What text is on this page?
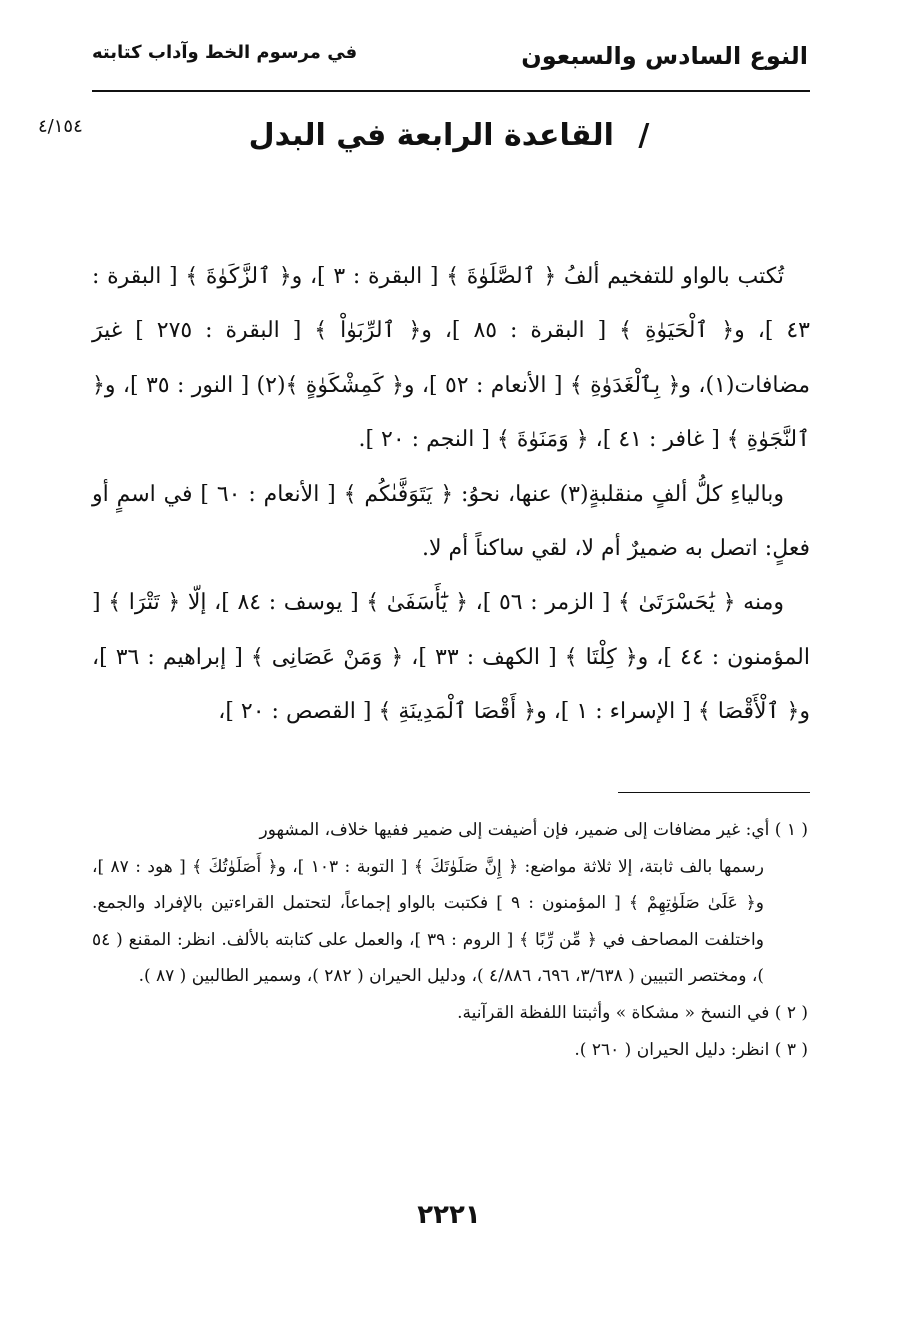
النوع السادس والسبعون
في مرسوم الخط وآداب كتابته
٤/١٥٤	/ القاعدة الرابعة في البدل

تُكتب بالواو للتفخيم ألفُ ﴿ ٱلصَّلَوٰةَ ﴾ [ البقرة : ٣ ]، و﴿ ٱلزَّكَوٰةَ ﴾ [ البقرة : ٤٣ ]، و﴿ ٱلْحَيَوٰةِ ﴾ [ البقرة : ٨٥ ]، و﴿ ٱلرِّبَوٰاْ ﴾ [ البقرة : ٢٧٥ ] غيرَ مضافات(١)، و﴿ بِٱلْغَدَوٰةِ ﴾ [ الأنعام : ٥٢ ]، و﴿ كَمِشْكَوٰةٍ ﴾(٢) [ النور : ٣٥ ]، و﴿ ٱلنَّجَوٰةِ ﴾ [ غافر : ٤١ ]، ﴿ وَمَنَوٰةَ ﴾ [ النجم : ٢٠ ].

وبالياءِ كلُّ ألفٍ منقلبةٍ(٣) عنها، نحوُ: ﴿ يَتَوَفَّىٰكُم ﴾ [ الأنعام : ٦٠ ] في اسمٍ أو فعلٍ: اتصل به ضميرٌ أم لا، لقي ساكناً أم لا.

ومنه ﴿ يَٰحَسْرَتَىٰ ﴾ [ الزمر : ٥٦ ]، ﴿ يَٰٓأَسَفَىٰ ﴾ [ يوسف : ٨٤ ]، إلّا ﴿ تَتْرَا ﴾ [ المؤمنون : ٤٤ ]، و﴿ كِلْتَا ﴾ [ الكهف : ٣٣ ]، ﴿ وَمَنْ عَصَانِى ﴾ [ إبراهيم : ٣٦ ]، و﴿ ٱلْأَقْصَا ﴾ [ الإسراء : ١ ]، و﴿ أَقْصَا ٱلْمَدِينَةِ ﴾ [ القصص : ٢٠ ]،

( ١ ) أي: غير مضافات إلى ضمير، فإن أضيفت إلى ضمير ففيها خلاف، المشهور

رسمها بالف ثابتة، إلا ثلاثة مواضع: ﴿ إِنَّ صَلَوٰتَكَ ﴾ [ التوبة : ١٠٣ ]، و﴿ أَصَلَوٰتُكَ ﴾ [ هود : ٨٧ ]، و﴿ عَلَىٰ صَلَوٰتِهِمْ ﴾ [ المؤمنون : ٩ ] فكتبت بالواو إجماعاً، لتحتمل القراءتين بالإفراد والجمع. واختلفت المصاحف في ﴿ مِّن رِّبًا ﴾ [ الروم : ٣٩ ]، والعمل على كتابته بالألف. انظر: المقنع ( ٥٤ )، ومختصر التبيين ( ٣/٦٣٨، ٦٩٦، ٤/٨٨٦ )، ودليل الحيران ( ٢٨٢ )، وسمير الطالبين ( ٨٧ ).

( ٢ ) في النسخ « مشكاة » وأثبتنا اللفظة القرآنية.

( ٣ ) انظر: دليل الحيران ( ٢٦٠ ).

٢٢٢١
